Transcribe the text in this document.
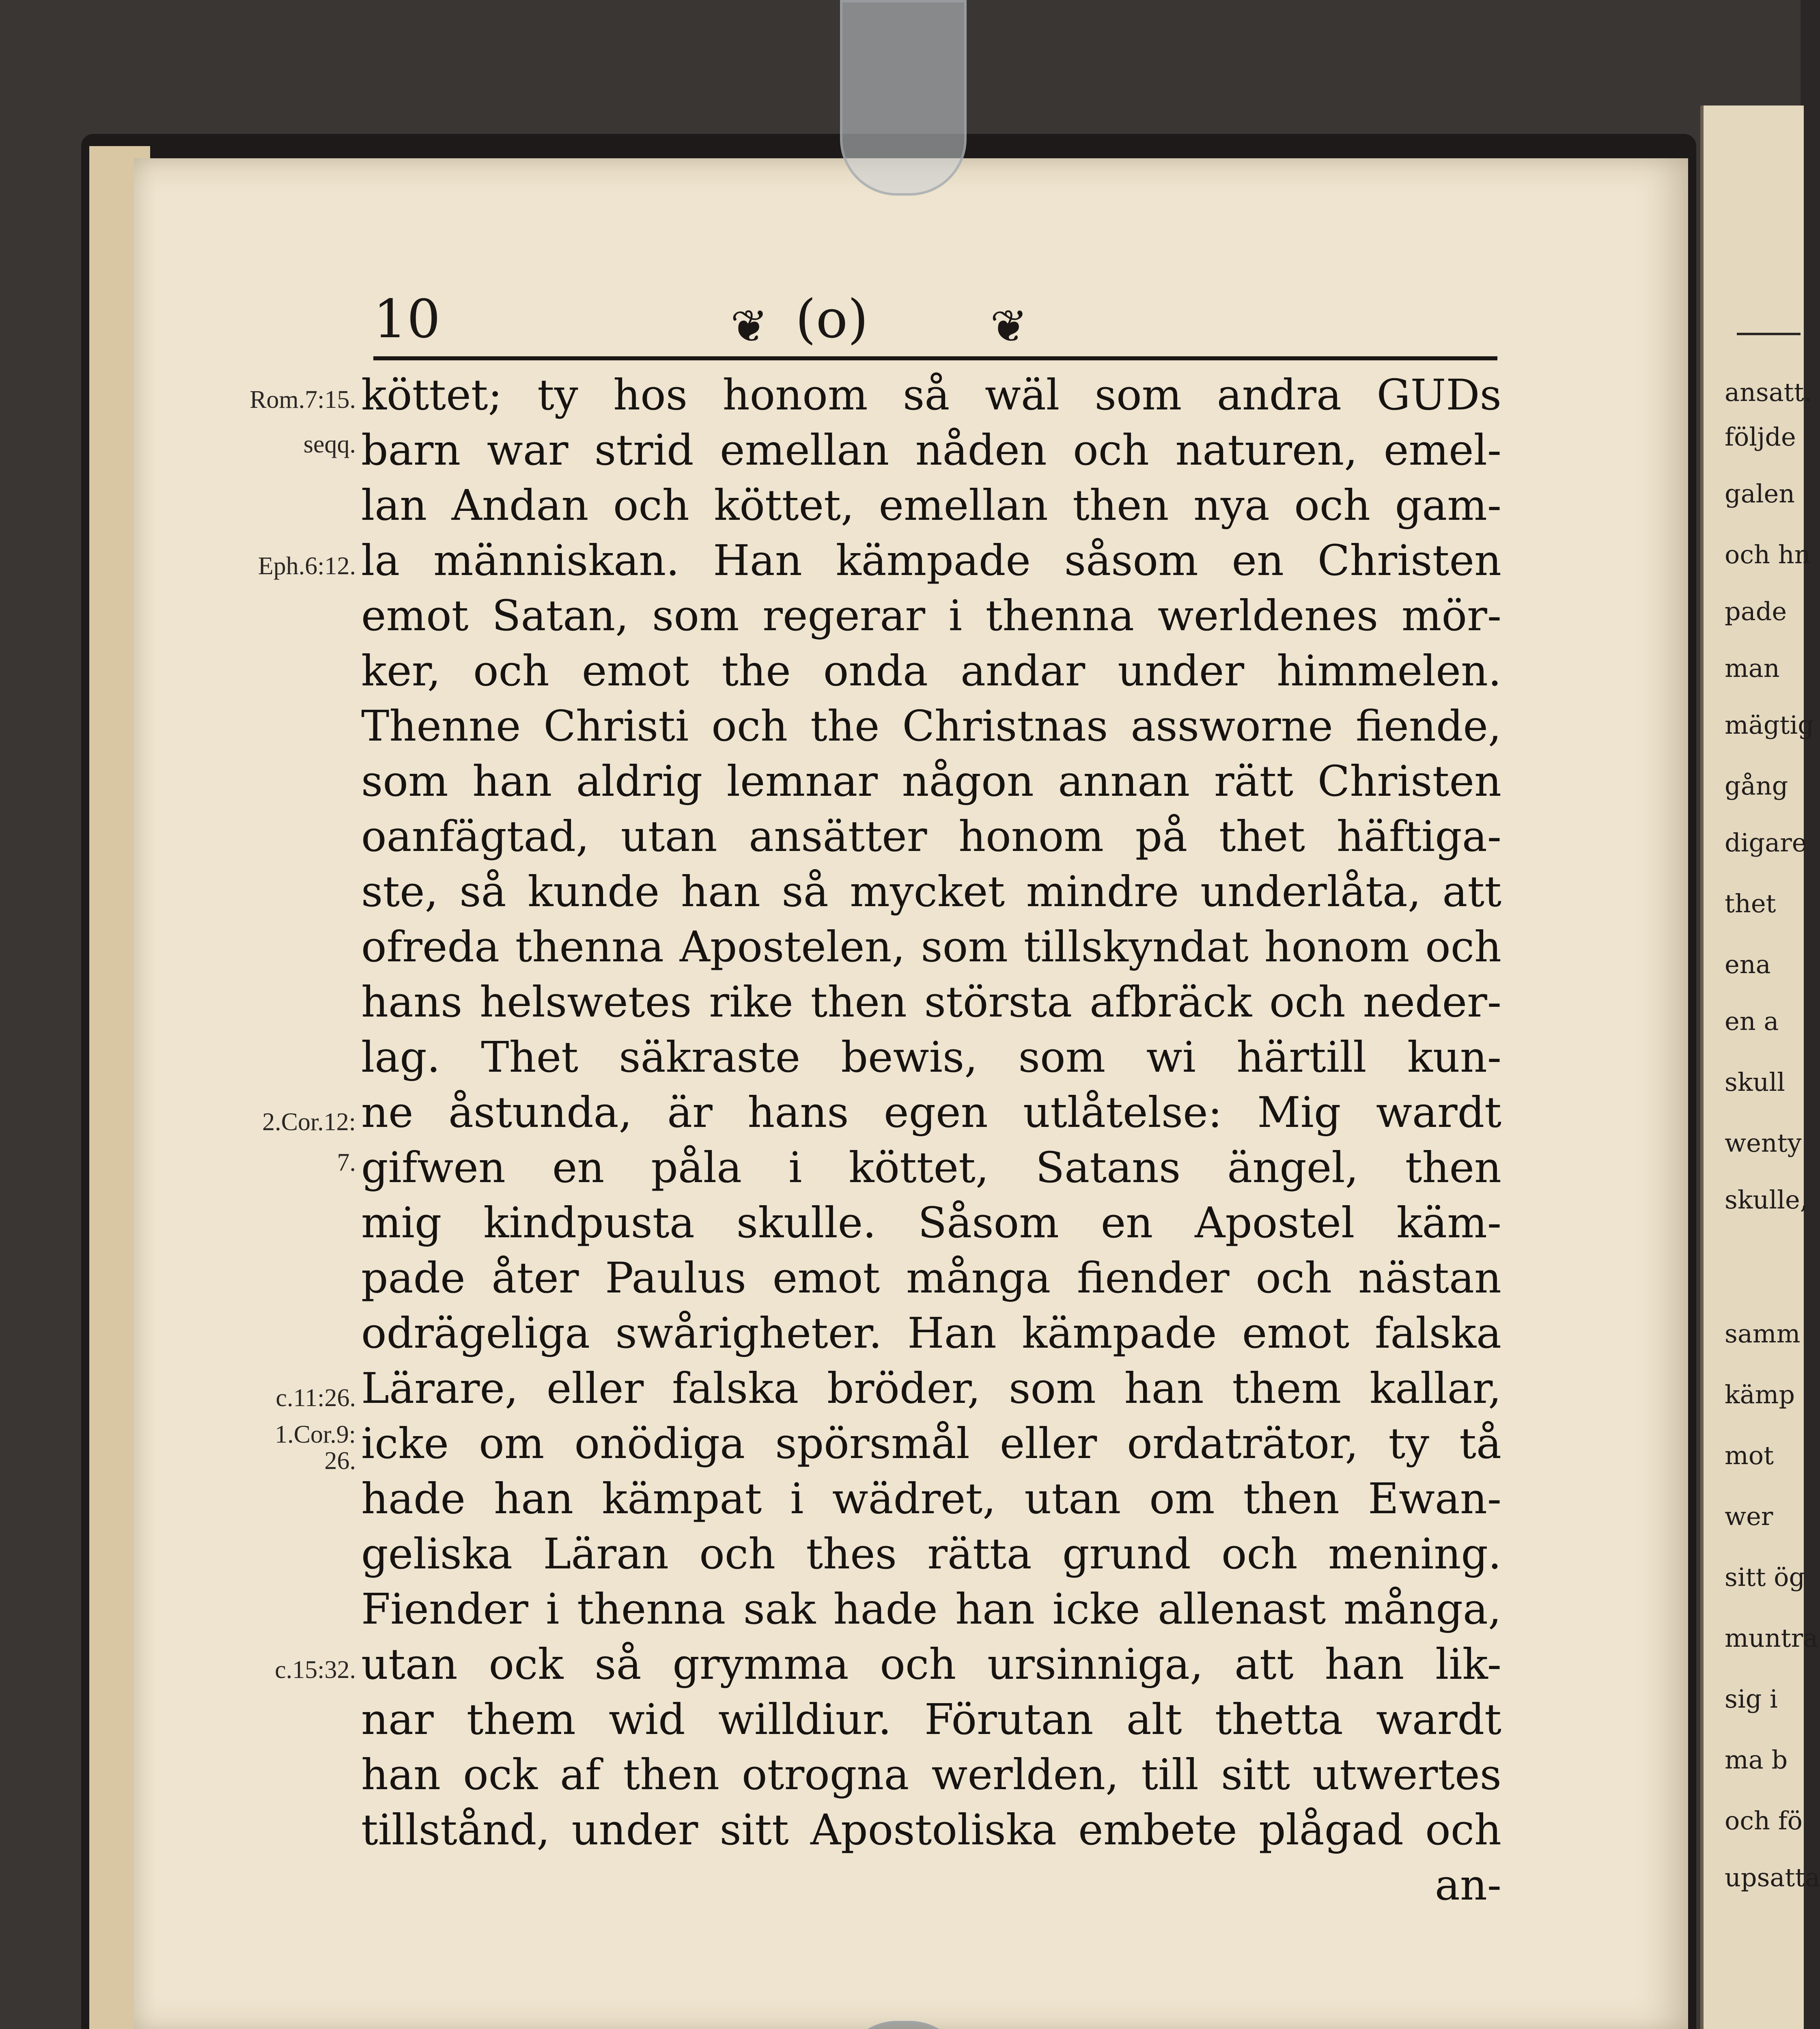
ansatt.
följde
galen
och hn
pade
man
mägtig
gång
digare
thet
ena
en a
skull
wenty
skulle,
samm
kämp
mot
wer
sitt ög
muntra
sig i
ma b
och fö
upsatta
10	❦ (o)	❦
köttet; ty hos honom så wäl som andra GUDs
barn war strid emellan nåden och naturen, emel-
lan Andan och köttet, emellan then nya och gam-
la människan. Han kämpade såsom en Christen
emot Satan, som regerar i thenna werldenes mör-
ker, och emot the onda andar under himmelen.
Thenne Christi och the Christnas assworne fiende,
som han aldrig lemnar någon annan rätt Christen
oanfägtad, utan ansätter honom på thet häftiga-
ste, så kunde han så mycket mindre underlåta, att
ofreda thenna Apostelen, som tillskyndat honom och
hans helswetes rike then största afbräck och neder-
lag. Thet säkraste bewis, som wi härtill kun-
ne åstunda, är hans egen utlåtelse: Mig wardt
gifwen en påla i köttet, Satans ängel, then
mig kindpusta skulle. Såsom en Apostel käm-
pade åter Paulus emot många fiender och nästan
odrägeliga swårigheter. Han kämpade emot falska
Lärare, eller falska bröder, som han them kallar,
icke om onödiga spörsmål eller ordaträtor, ty tå
hade han kämpat i wädret, utan om then Ewan-
geliska Läran och thes rätta grund och mening.
Fiender i thenna sak hade han icke allenast många,
utan ock så grymma och ursinniga, att han lik-
nar them wid willdiur. Förutan alt thetta wardt
han ock af then otrogna werlden, till sitt utwertes
tillstånd, under sitt Apostoliska embete plågad och
an-
Rom.7:15.
seqq.
Eph.6:12.
2.Cor.12:
7.
c.11:26.
1.Cor.9:
26.
c.15:32.
